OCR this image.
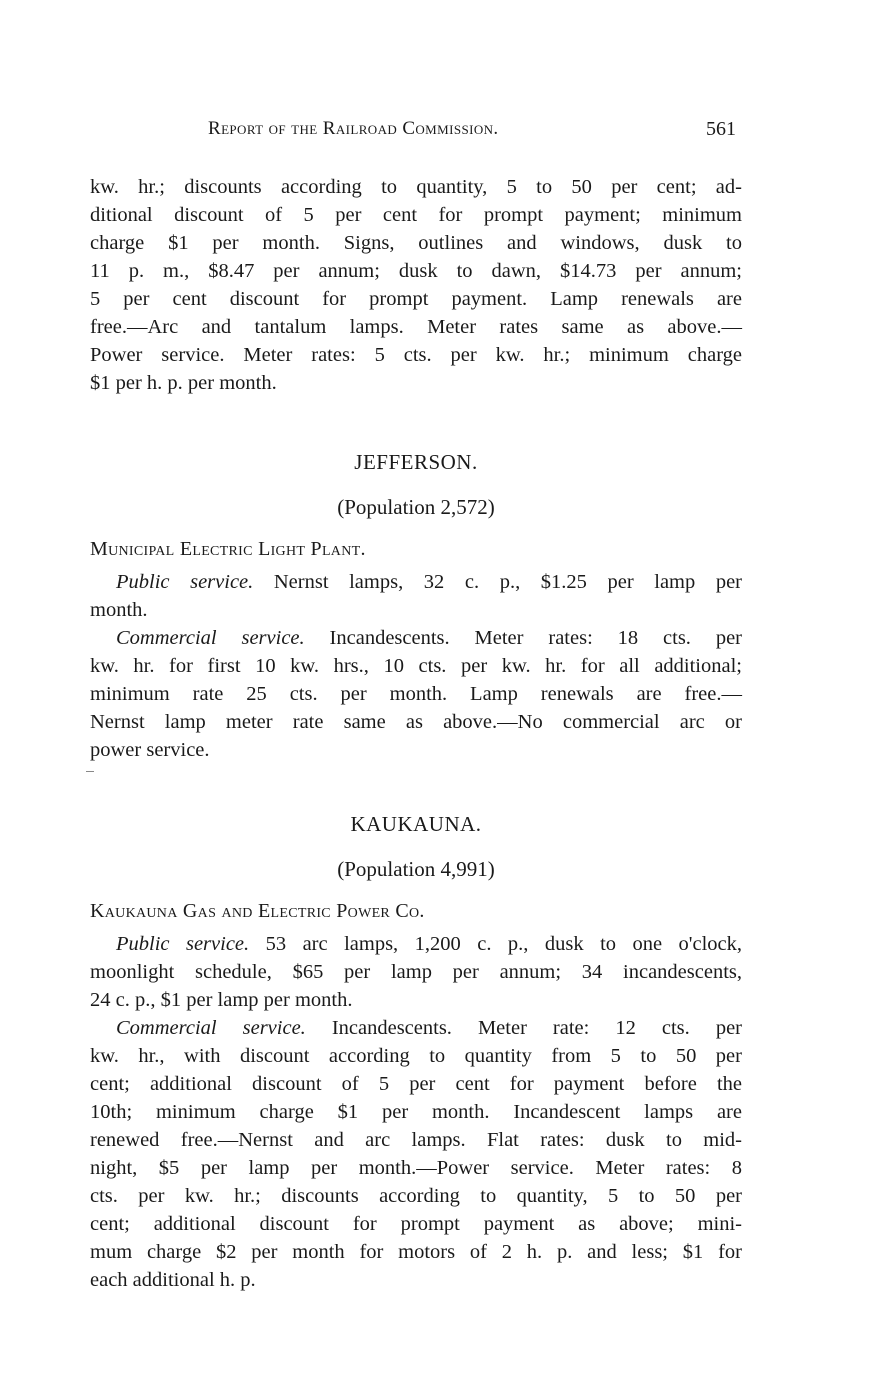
Report of the Railroad Commission.	561
kw. hr.; discounts according to quantity, 5 to 50 per cent; ad-
ditional discount of 5 per cent for prompt payment; minimum
charge $1 per month. Signs, outlines and windows, dusk to
11 p. m., $8.47 per annum; dusk to dawn, $14.73 per annum;
5 per cent discount for prompt payment. Lamp renewals are
free.—Arc and tantalum lamps. Meter rates same as above.—
Power service. Meter rates: 5 cts. per kw. hr.; minimum charge
$1 per h. p. per month.
JEFFERSON.
(Population 2,572)
Municipal Electric Light Plant.
Public service. Nernst lamps, 32 c. p., $1.25 per lamp per
month.
Commercial service. Incandescents. Meter rates: 18 cts. per
kw. hr. for first 10 kw. hrs., 10 cts. per kw. hr. for all additional;
minimum rate 25 cts. per month. Lamp renewals are free.—
Nernst lamp meter rate same as above.—No commercial arc or
power service.
KAUKAUNA.
(Population 4,991)
Kaukauna Gas and Electric Power Co.
Public service. 53 arc lamps, 1,200 c. p., dusk to one o'clock,
moonlight schedule, $65 per lamp per annum; 34 incandescents,
24 c. p., $1 per lamp per month.
Commercial service. Incandescents. Meter rate: 12 cts. per
kw. hr., with discount according to quantity from 5 to 50 per
cent; additional discount of 5 per cent for payment before the
10th; minimum charge $1 per month. Incandescent lamps are
renewed free.—Nernst and arc lamps. Flat rates: dusk to mid-
night, $5 per lamp per month.—Power service. Meter rates: 8
cts. per kw. hr.; discounts according to quantity, 5 to 50 per
cent; additional discount for prompt payment as above; mini-
mum charge $2 per month for motors of 2 h. p. and less; $1 for
each additional h. p.
